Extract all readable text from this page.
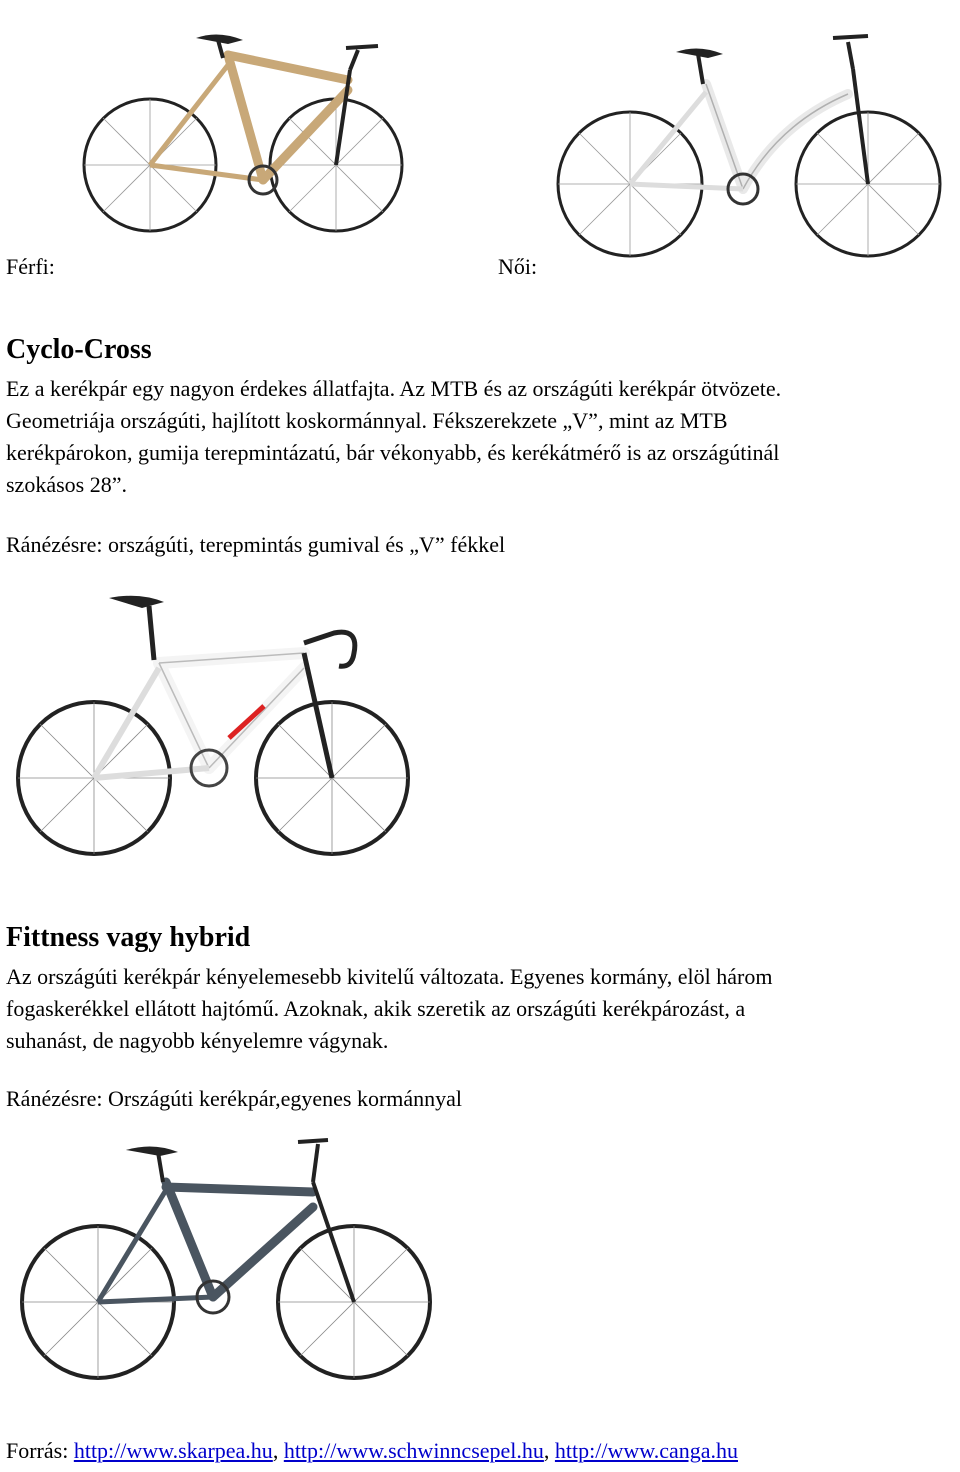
Férfi:	Női:
Cyclo-Cross
Ez a kerékpár egy nagyon érdekes állatfajta. Az MTB és az országúti kerékpár ötvözete.
Geometriája országúti, hajlított koskormánnyal. Fékszerekzete „V”, mint az MTB
kerékpárokon, gumija terepmintázatú, bár vékonyabb, és kerékátmérő is az országútinál
szokásos 28”.
Ránézésre: országúti, terepmintás gumival és „V” fékkel
Fittness vagy hybrid
Az országúti kerékpár kényelemesebb kivitelű változata. Egyenes kormány, elöl három
fogaskerékkel ellátott hajtómű. Azoknak, akik szeretik az országúti kerékpározást, a
suhanást, de nagyobb kényelemre vágynak.
Ránézésre: Országúti kerékpár,egyenes kormánnyal
Forrás: http://www.skarpea.hu, http://www.schwinncsepel.hu, http://www.canga.hu
